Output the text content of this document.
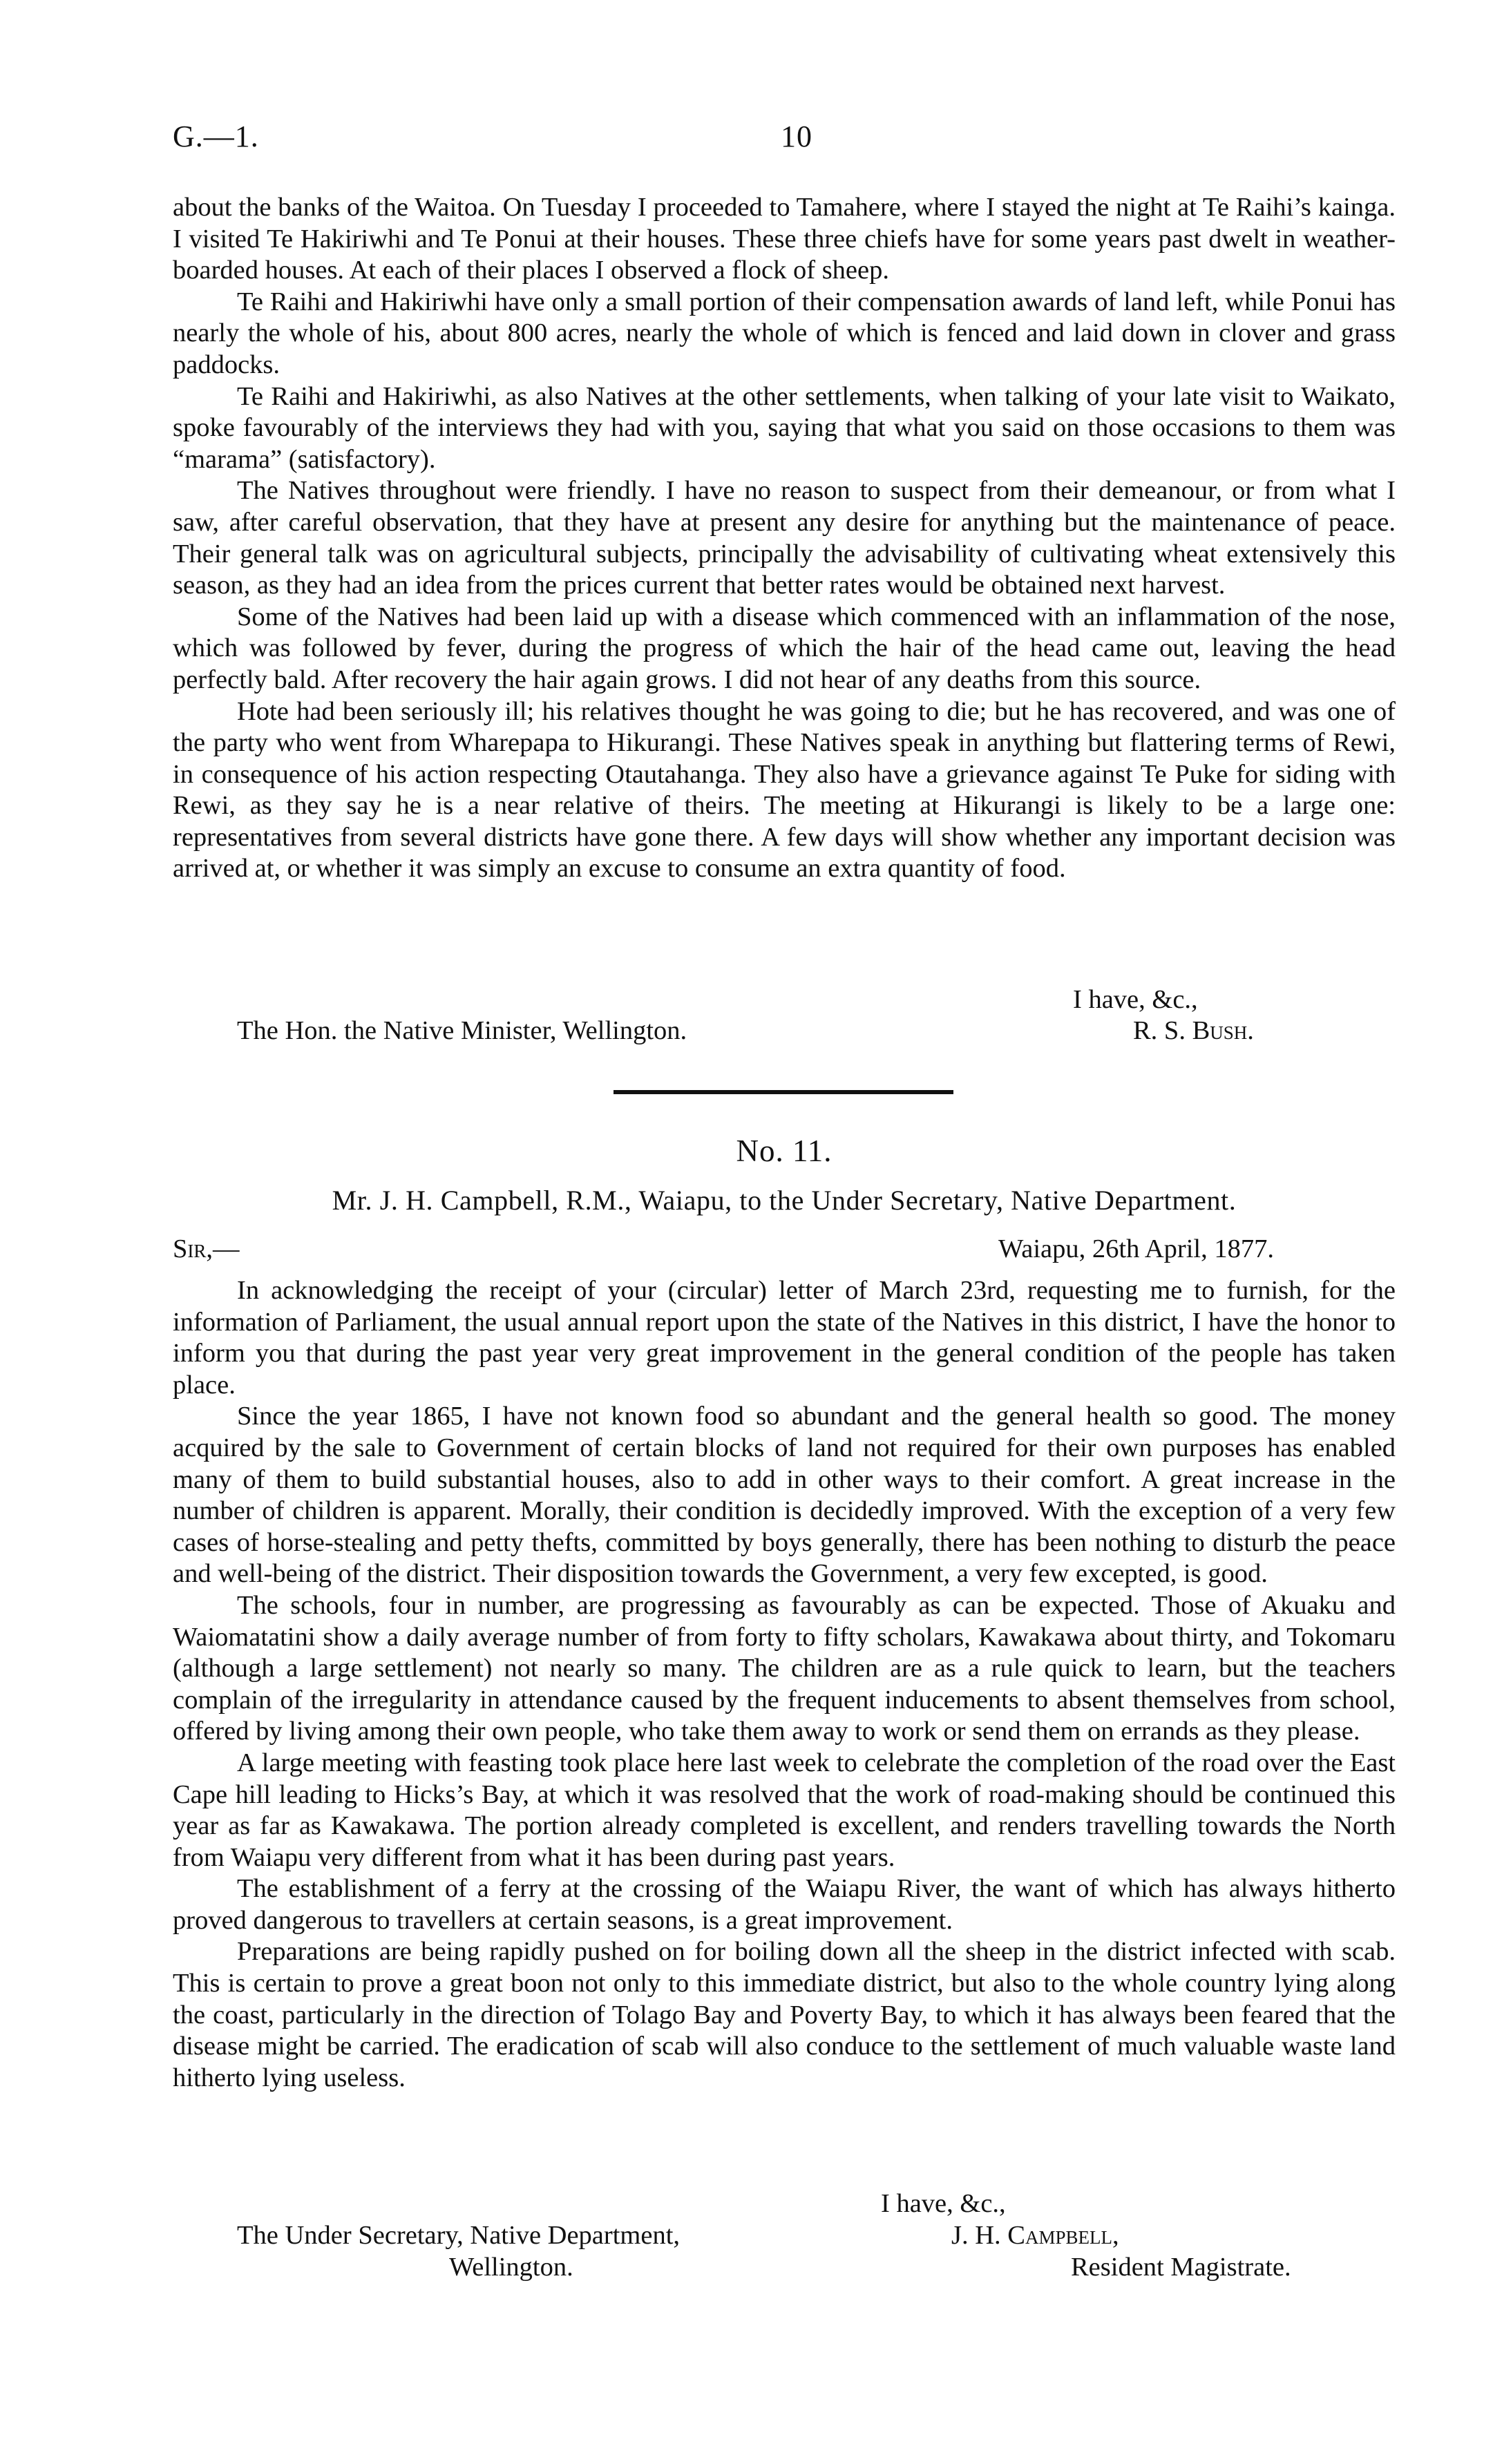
G.—1.	10

about the banks of the Waitoa. On Tuesday I proceeded to Tamahere, where I stayed the night at Te Raihi’s kainga. I visited Te Hakiriwhi and Te Ponui at their houses. These three chiefs have for some years past dwelt in weather-boarded houses. At each of their places I observed a flock of sheep.

Te Raihi and Hakiriwhi have only a small portion of their compensation awards of land left, while Ponui has nearly the whole of his, about 800 acres, nearly the whole of which is fenced and laid down in clover and grass paddocks.

Te Raihi and Hakiriwhi, as also Natives at the other settlements, when talking of your late visit to Waikato, spoke favourably of the interviews they had with you, saying that what you said on those occasions to them was “marama” (satisfactory).

The Natives throughout were friendly. I have no reason to suspect from their demeanour, or from what I saw, after careful observation, that they have at present any desire for anything but the maintenance of peace. Their general talk was on agricultural subjects, principally the advisability of cultivating wheat extensively this season, as they had an idea from the prices current that better rates would be obtained next harvest.

Some of the Natives had been laid up with a disease which commenced with an inflammation of the nose, which was followed by fever, during the progress of which the hair of the head came out, leaving the head perfectly bald. After recovery the hair again grows. I did not hear of any deaths from this source.

Hote had been seriously ill; his relatives thought he was going to die; but he has recovered, and was one of the party who went from Wharepapa to Hikurangi. These Natives speak in anything but flattering terms of Rewi, in consequence of his action respecting Otautahanga. They also have a grievance against Te Puke for siding with Rewi, as they say he is a near relative of theirs. The meeting at Hikurangi is likely to be a large one: representatives from several districts have gone there. A few days will show whether any important decision was arrived at, or whether it was simply an excuse to consume an extra quantity of food.

I have, &c.,
The Hon. the Native Minister, Wellington.	R. S. Bush.
No. 11.
Mr. J. H. Campbell, R.M., Waiapu, to the Under Secretary, Native Department.
Sir,—	Waiapu, 26th April, 1877.

In acknowledging the receipt of your (circular) letter of March 23rd, requesting me to furnish, for the information of Parliament, the usual annual report upon the state of the Natives in this district, I have the honor to inform you that during the past year very great improvement in the general condition of the people has taken place.

Since the year 1865, I have not known food so abundant and the general health so good. The money acquired by the sale to Government of certain blocks of land not required for their own purposes has enabled many of them to build substantial houses, also to add in other ways to their comfort. A great increase in the number of children is apparent. Morally, their condition is decidedly improved. With the exception of a very few cases of horse-stealing and petty thefts, committed by boys generally, there has been nothing to disturb the peace and well-being of the district. Their disposition towards the Government, a very few excepted, is good.

The schools, four in number, are progressing as favourably as can be expected. Those of Akuaku and Waiomatatini show a daily average number of from forty to fifty scholars, Kawakawa about thirty, and Tokomaru (although a large settlement) not nearly so many. The children are as a rule quick to learn, but the teachers complain of the irregularity in attendance caused by the frequent inducements to absent themselves from school, offered by living among their own people, who take them away to work or send them on errands as they please.

A large meeting with feasting took place here last week to celebrate the completion of the road over the East Cape hill leading to Hicks’s Bay, at which it was resolved that the work of road-making should be continued this year as far as Kawakawa. The portion already completed is excellent, and renders travelling towards the North from Waiapu very different from what it has been during past years.

The establishment of a ferry at the crossing of the Waiapu River, the want of which has always hitherto proved dangerous to travellers at certain seasons, is a great improvement.

Preparations are being rapidly pushed on for boiling down all the sheep in the district infected with scab. This is certain to prove a great boon not only to this immediate district, but also to the whole country lying along the coast, particularly in the direction of Tolago Bay and Poverty Bay, to which it has always been feared that the disease might be carried. The eradication of scab will also conduce to the settlement of much valuable waste land hitherto lying useless.

I have, &c.,
The Under Secretary, Native Department,	J. H. Campbell,
Wellington.	Resident Magistrate.
